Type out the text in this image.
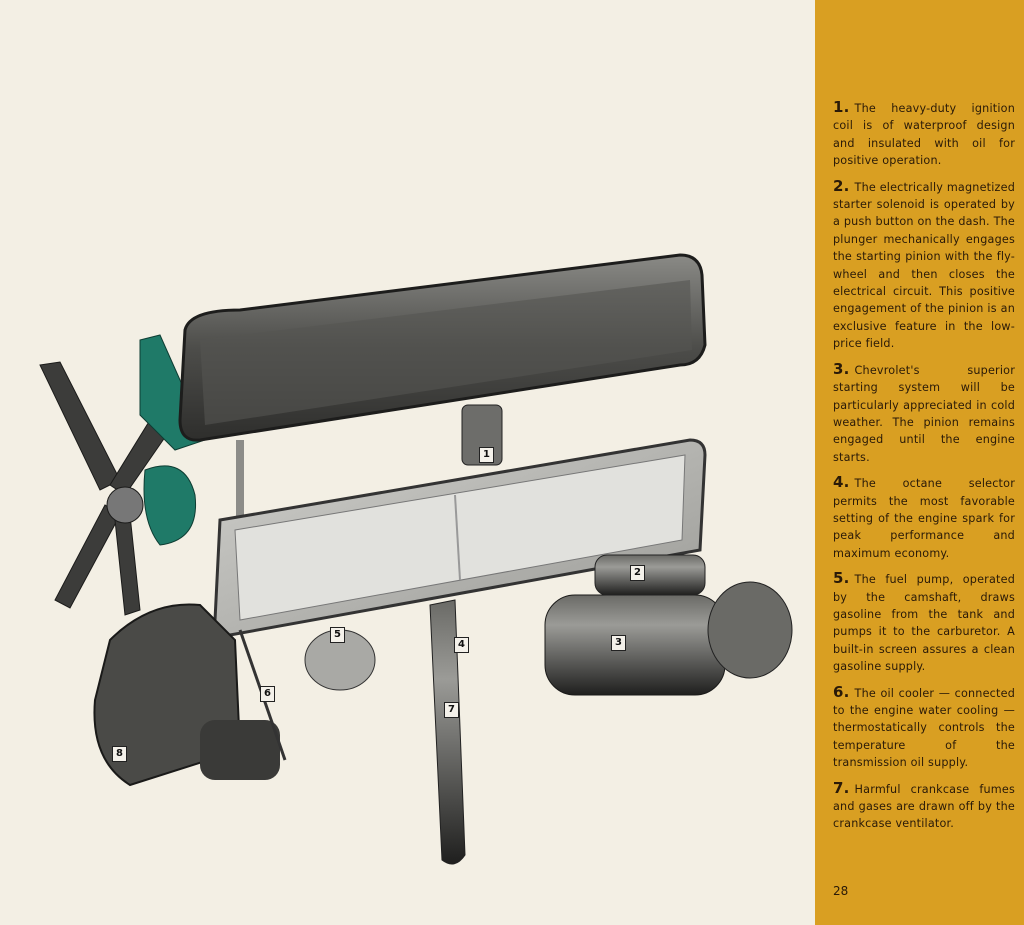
1
2
3
4
5
6
7
8

1. The heavy-duty ignition coil is of waterproof design and insulated with oil for positive operation.

2. The electrically magnetized starter solenoid is operated by a push button on the dash. The plunger mechanically engages the starting pinion with the fly-wheel and then closes the electrical circuit. This positive engagement of the pinion is an exclusive feature in the low-price field.

3. Chevrolet's superior starting system will be particularly appreciated in cold weather. The pinion remains engaged until the engine starts.

4. The octane selector permits the most favorable setting of the engine spark for peak performance and maximum economy.

5. The fuel pump, operated by the camshaft, draws gasoline from the tank and pumps it to the carburetor. A built-in screen assures a clean gasoline supply.

6. The oil cooler — connected to the engine water cooling — thermostatically controls the temperature of the transmission oil supply.

7. Harmful crankcase fumes and gases are drawn off by the crankcase ventilator.

28
